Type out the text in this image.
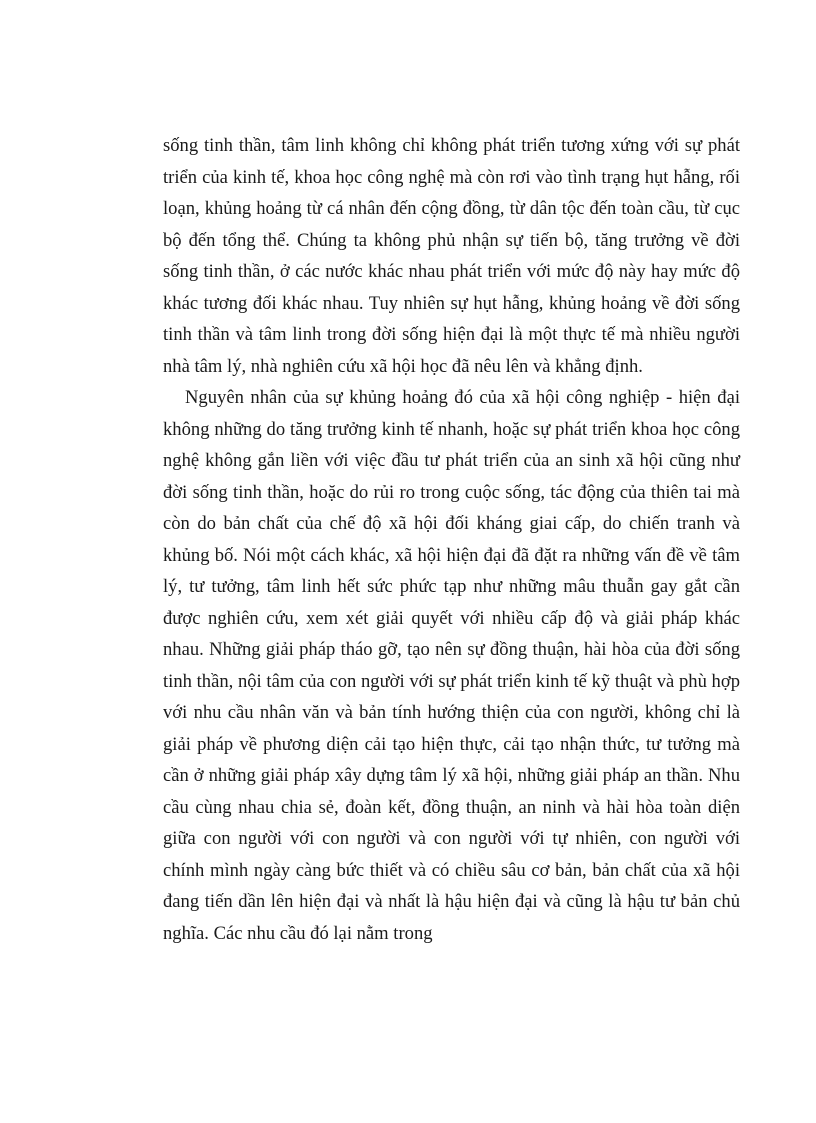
sống tinh thần, tâm linh không chỉ không phát triển tương xứng với sự phát triển của kinh tế, khoa học công nghệ mà còn rơi vào tình trạng hụt hẫng, rối loạn, khủng hoảng từ cá nhân đến cộng đồng, từ dân tộc đến toàn cầu, từ cục bộ đến tổng thể. Chúng ta không phủ nhận sự tiến bộ, tăng trưởng về đời sống tinh thần, ở các nước khác nhau phát triển với mức độ này hay mức độ khác tương đối khác nhau. Tuy nhiên sự hụt hẫng, khủng hoảng về đời sống tinh thần và tâm linh trong đời sống hiện đại là một thực tế mà nhiều người nhà tâm lý, nhà nghiên cứu xã hội học đã nêu lên và khẳng định.

Nguyên nhân của sự khủng hoảng đó của xã hội công nghiệp - hiện đại không những do tăng trưởng kinh tế nhanh, hoặc sự phát triển khoa học công nghệ không gắn liền với việc đầu tư phát triển của an sinh xã hội cũng như đời sống tinh thần, hoặc do rủi ro trong cuộc sống, tác động của thiên tai mà còn do bản chất của chế độ xã hội đối kháng giai cấp, do chiến tranh và khủng bố. Nói một cách khác, xã hội hiện đại đã đặt ra những vấn đề về tâm lý, tư tưởng, tâm linh hết sức phức tạp như những mâu thuẫn gay gắt cần được nghiên cứu, xem xét giải quyết với nhiều cấp độ và giải pháp khác nhau. Những giải pháp tháo gỡ, tạo nên sự đồng thuận, hài hòa của đời sống tinh thần, nội tâm của con người với sự phát triển kinh tế kỹ thuật và phù hợp với nhu cầu nhân văn và bản tính hướng thiện của con người, không chỉ là giải pháp về phương diện cải tạo hiện thực, cải tạo nhận thức, tư tưởng mà cần ở những giải pháp xây dựng tâm lý xã hội, những giải pháp an thần. Nhu cầu cùng nhau chia sẻ, đoàn kết, đồng thuận, an ninh và hài hòa toàn diện giữa con người với con người và con người với tự nhiên, con người với chính mình ngày càng bức thiết và có chiều sâu cơ bản, bản chất của xã hội đang tiến dần lên hiện đại và nhất là hậu hiện đại và cũng là hậu tư bản chủ nghĩa. Các nhu cầu đó lại nằm trong
